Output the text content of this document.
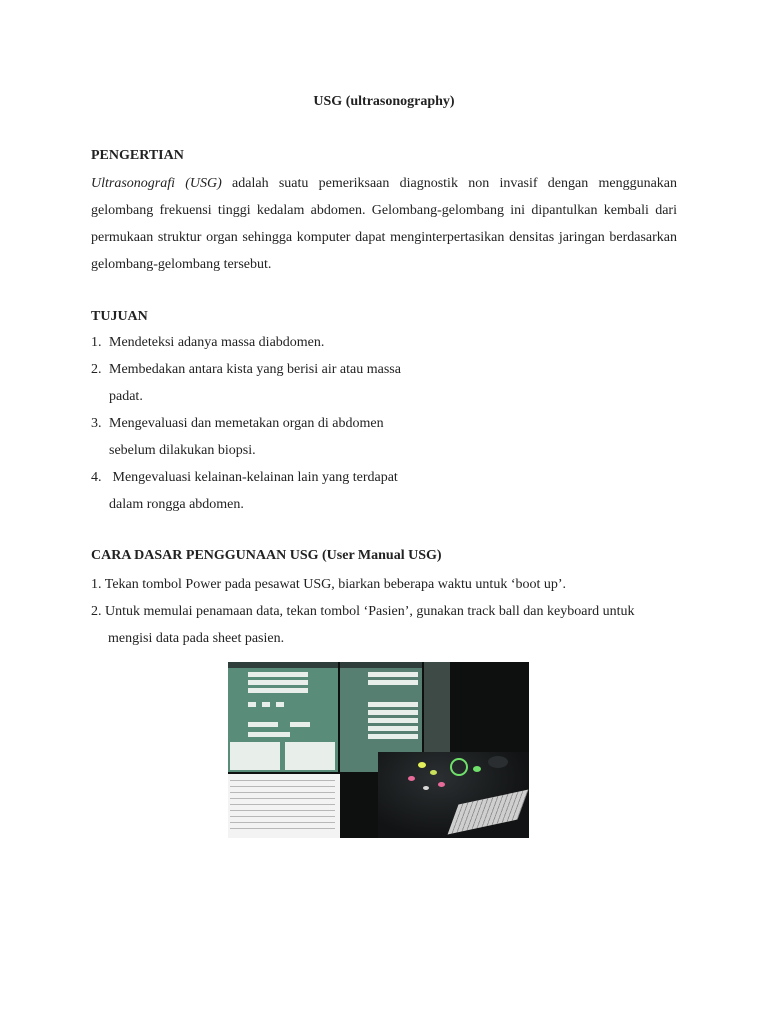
USG (ultrasonography)
PENGERTIAN
Ultrasonografi (USG) adalah suatu pemeriksaan diagnostik non invasif dengan menggunakan gelombang frekuensi tinggi kedalam abdomen. Gelombang-gelombang ini dipantulkan kembali dari permukaan struktur organ sehingga komputer dapat menginterpertasikan densitas jaringan berdasarkan gelombang-gelombang tersebut.
TUJUAN
1. Mendeteksi adanya massa diabdomen.
2. Membedakan antara kista yang berisi air atau massa
padat.
3. Mengevaluasi dan memetakan organ di abdomen
sebelum dilakukan biopsi.
4. Mengevaluasi kelainan-kelainan lain yang terdapat
dalam rongga abdomen.
CARA DASAR PENGGUNAAN USG (User Manual USG)
1. Tekan tombol Power pada pesawat USG, biarkan beberapa waktu untuk ‘boot up’.
2. Untuk memulai penamaan data, tekan tombol ‘Pasien’, gunakan track ball dan keyboard untuk
mengisi data pada sheet pasien.
